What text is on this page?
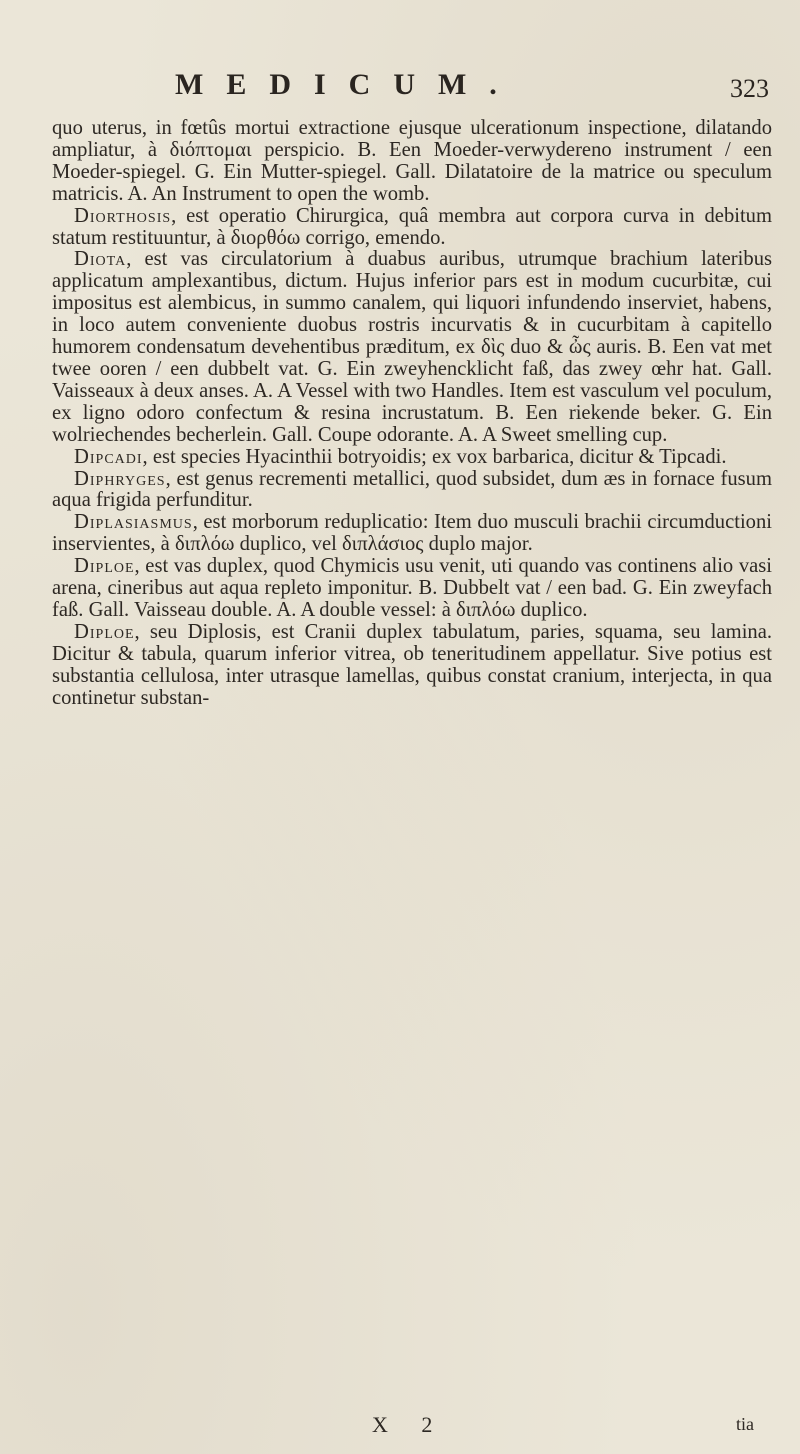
MEDICUM.	323

quo uterus, in fœtûs mortui extractione ejusque ulcerationum inspectione, dilatando ampliatur, à διόπτομαι perspicio. B. Een Moeder-verwydereno instrument / een Moeder-spiegel. G. Ein Mutter-spiegel. Gall. Dilatatoire de la matrice ou speculum matricis. A. An Instrument to open the womb.

Diorthosis, est operatio Chirurgica, quâ membra aut corpora curva in debitum statum restituuntur, à διορθόω corrigo, emendo.

Diota, est vas circulatorium à duabus auribus, utrumque brachium lateribus applicatum amplexantibus, dictum. Hujus inferior pars est in modum cucurbitæ, cui impositus est alembicus, in summo canalem, qui liquori infundendo inserviet, habens, in loco autem conveniente duobus rostris incurvatis & in cucurbitam à capitello humorem condensatum devehentibus præditum, ex δὶς duo & ὦς auris. B. Een vat met twee ooren / een dubbelt vat. G. Ein zweyhencklicht faß, das zwey œhr hat. Gall. Vaisseaux à deux anses. A. A Vessel with two Handles. Item est vasculum vel poculum, ex ligno odoro confectum & resina incrustatum. B. Een riekende beker. G. Ein wolriechendes becherlein. Gall. Coupe odorante. A. A Sweet smelling cup.

Dipcadi, est species Hyacinthii botryoidis; ex vox barbarica, dicitur & Tipcadi.

Diphryges, est genus recrementi metallici, quod subsidet, dum æs in fornace fusum aqua frigida perfunditur.

Diplasiasmus, est morborum reduplicatio: Item duo musculi brachii circumductioni inservientes, à διπλόω duplico, vel διπλάσιος duplo major.

Diploe, est vas duplex, quod Chymicis usu venit, uti quando vas continens alio vasi arena, cineribus aut aqua repleto imponitur. B. Dubbelt vat / een bad. G. Ein zweyfach faß. Gall. Vaisseau double. A. A double vessel: à διπλόω duplico.

Diploe, seu Diplosis, est Cranii duplex tabulatum, paries, squama, seu lamina. Dicitur & tabula, quarum inferior vitrea, ob teneritudinem appellatur. Sive potius est substantia cellulosa, inter utrasque lamellas, quibus constat cranium, interjecta, in qua continetur substan-

X 2	tia
